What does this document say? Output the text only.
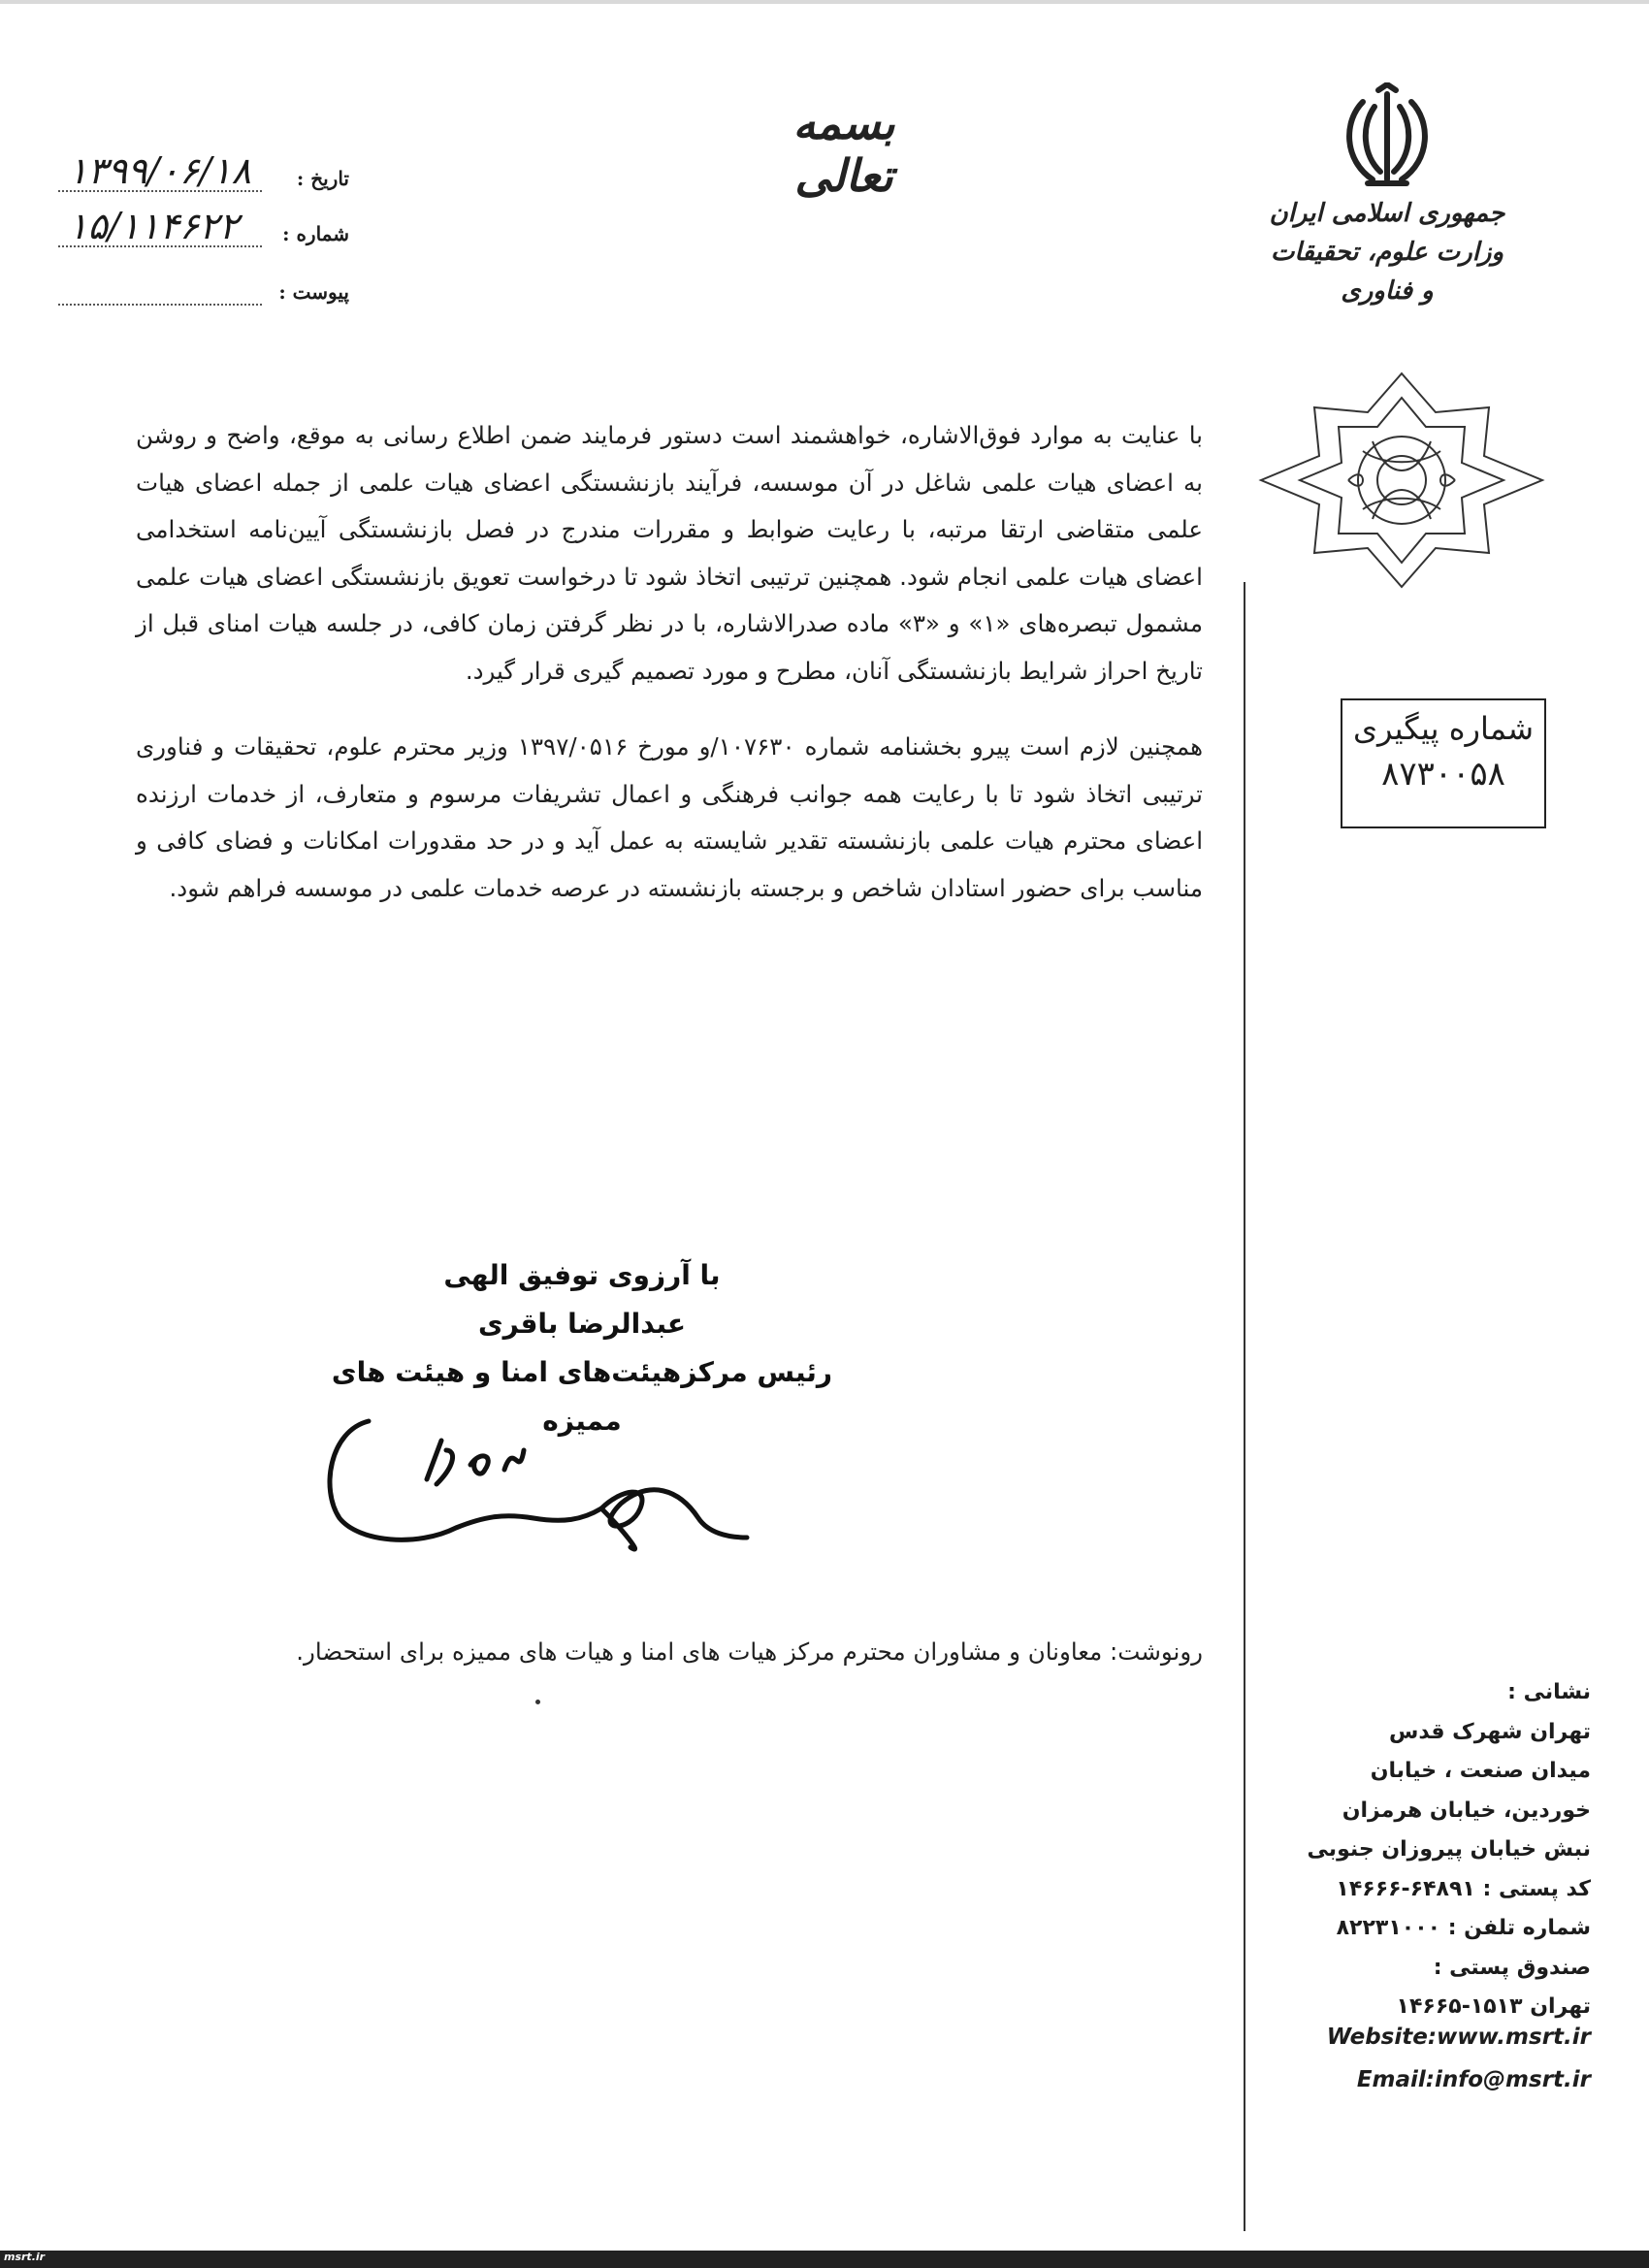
بسمه تعالی
جمهوری اسلامی ایران
وزارت علوم، تحقیقات و فناوری
تاریخ :
۱۳۹۹/۰۶/۱۸
شماره :
۱۵/۱۱۴۶۲۲
پیوست :
شماره پیگیری
۸۷۳۰۰۵۸

با عنایت به موارد فوق‌الاشاره، خواهشمند است دستور فرمایند ضمن اطلاع رسانی به موقع، واضح و روشن به اعضای هیات علمی شاغل در آن موسسه، فرآیند بازنشستگی اعضای هیات علمی از جمله اعضای هیات علمی متقاضی ارتقا مرتبه، با رعایت ضوابط و مقررات مندرج در فصل بازنشستگی آیین‌نامه استخدامی اعضای هیات علمی انجام شود. همچنین ترتیبی اتخاذ شود تا درخواست تعویق بازنشستگی اعضای هیات علمی مشمول تبصره‌های «۱» و «۳» ماده صدرالاشاره، با در نظر گرفتن زمان کافی، در جلسه هیات امنای قبل از تاریخ احراز شرایط بازنشستگی آنان، مطرح و مورد تصمیم گیری قرار گیرد.

همچنین لازم است پیرو بخشنامه شماره ۱۰۷۶۳۰/و مورخ ۱۳۹۷/۰۵۱۶ وزیر محترم علوم، تحقیقات و فناوری ترتیبی اتخاذ شود تا با رعایت همه جوانب فرهنگی و اعمال تشریفات مرسوم و متعارف، از خدمات ارزنده اعضای محترم هیات علمی بازنشسته تقدیر شایسته به عمل آید و در حد مقدورات امکانات و فضای کافی و مناسب برای حضور استادان شاخص و برجسته بازنشسته در عرصه خدمات علمی در موسسه فراهم شود.

با آرزوی توفیق الهی
عبدالرضا باقری
رئیس مرکزهیئت‌های امنا و هیئت های ممیزه
رونوشت: معاونان و مشاوران محترم مرکز هیات های امنا و هیات های ممیزه برای استحضار.
نشانی :
تهران شهرک قدس
میدان صنعت ، خیابان
خوردین، خیابان هرمزان
نبش خیابان پیروزان جنوبی
کد پستی : ۶۴۸۹۱-۱۴۶۶۶
شماره تلفن : ۸۲۲۳۱۰۰۰
صندوق پستی :
تهران ۱۵۱۳-۱۴۶۶۵
Website:www.msrt.ir
Email:info@msrt.ir
msrt.ir
